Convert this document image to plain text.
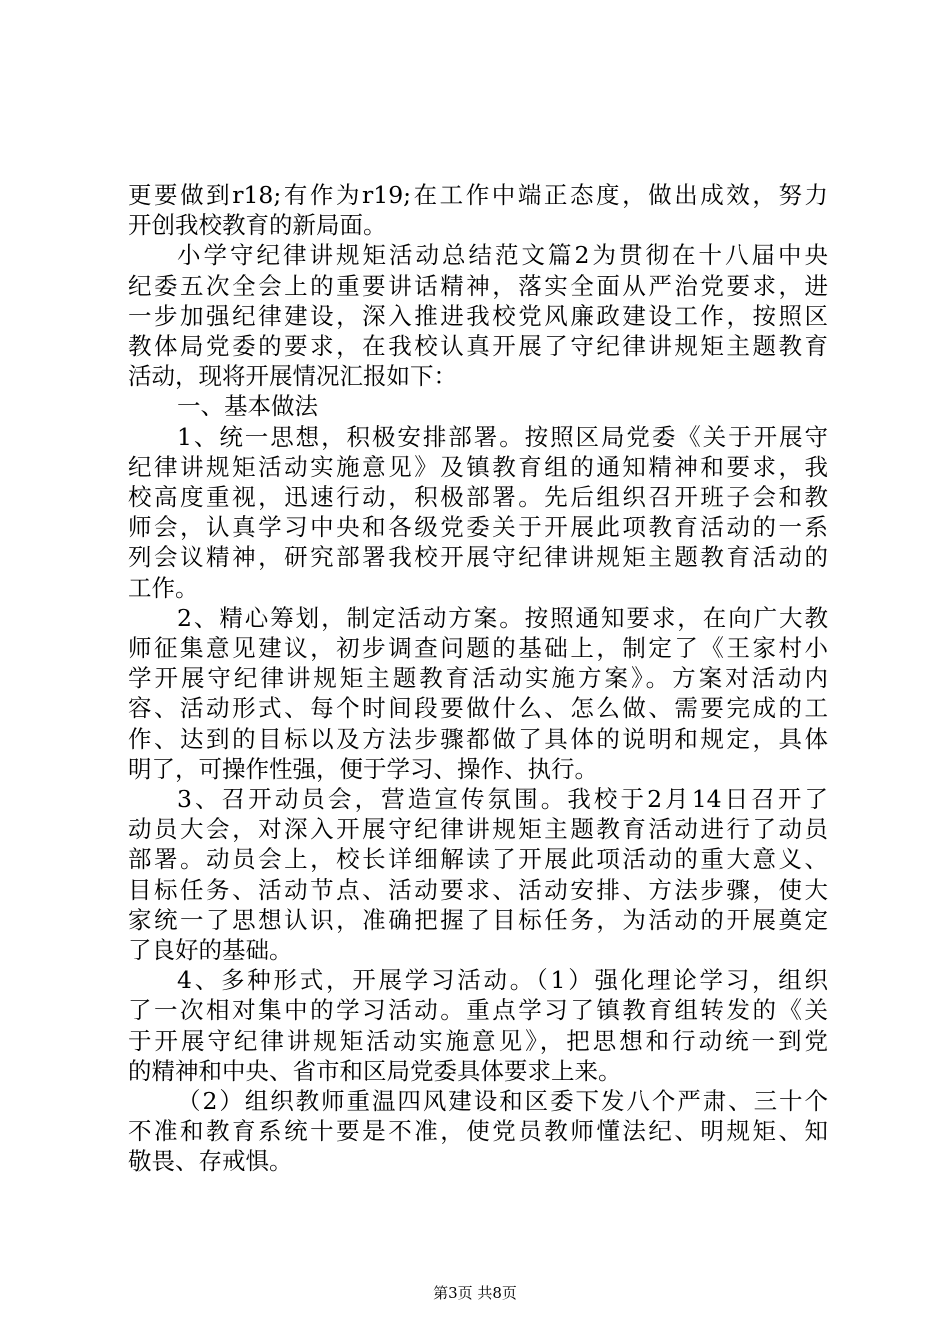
更要做到r18;有作为r19;在工作中端正态度，做出成效，努力
开创我校教育的新局面。
小学守纪律讲规矩活动总结范文篇2为贯彻在十八届中央
纪委五次全会上的重要讲话精神，落实全面从严治党要求，进
一步加强纪律建设，深入推进我校党风廉政建设工作，按照区
教体局党委的要求，在我校认真开展了守纪律讲规矩主题教育
活动，现将开展情况汇报如下：
一、基本做法
1、统一思想，积极安排部署。按照区局党委《关于开展守
纪律讲规矩活动实施意见》及镇教育组的通知精神和要求，我
校高度重视，迅速行动，积极部署。先后组织召开班子会和教
师会，认真学习中央和各级党委关于开展此项教育活动的一系
列会议精神，研究部署我校开展守纪律讲规矩主题教育活动的
工作。
2、精心筹划，制定活动方案。按照通知要求，在向广大教
师征集意见建议，初步调查问题的基础上，制定了《王家村小
学开展守纪律讲规矩主题教育活动实施方案》。方案对活动内
容、活动形式、每个时间段要做什么、怎么做、需要完成的工
作、达到的目标以及方法步骤都做了具体的说明和规定，具体
明了，可操作性强，便于学习、操作、执行。
3、召开动员会，营造宣传氛围。我校于2月14日召开了
动员大会，对深入开展守纪律讲规矩主题教育活动进行了动员
部署。动员会上，校长详细解读了开展此项活动的重大意义、
目标任务、活动节点、活动要求、活动安排、方法步骤，使大
家统一了思想认识，准确把握了目标任务，为活动的开展奠定
了良好的基础。
4、多种形式，开展学习活动。（1）强化理论学习，组织
了一次相对集中的学习活动。重点学习了镇教育组转发的《关
于开展守纪律讲规矩活动实施意见》，把思想和行动统一到党
的精神和中央、省市和区局党委具体要求上来。
（2）组织教师重温四风建设和区委下发八个严肃、三十个
不准和教育系统十要是不准，使党员教师懂法纪、明规矩、知
敬畏、存戒惧。
第3页 共8页
